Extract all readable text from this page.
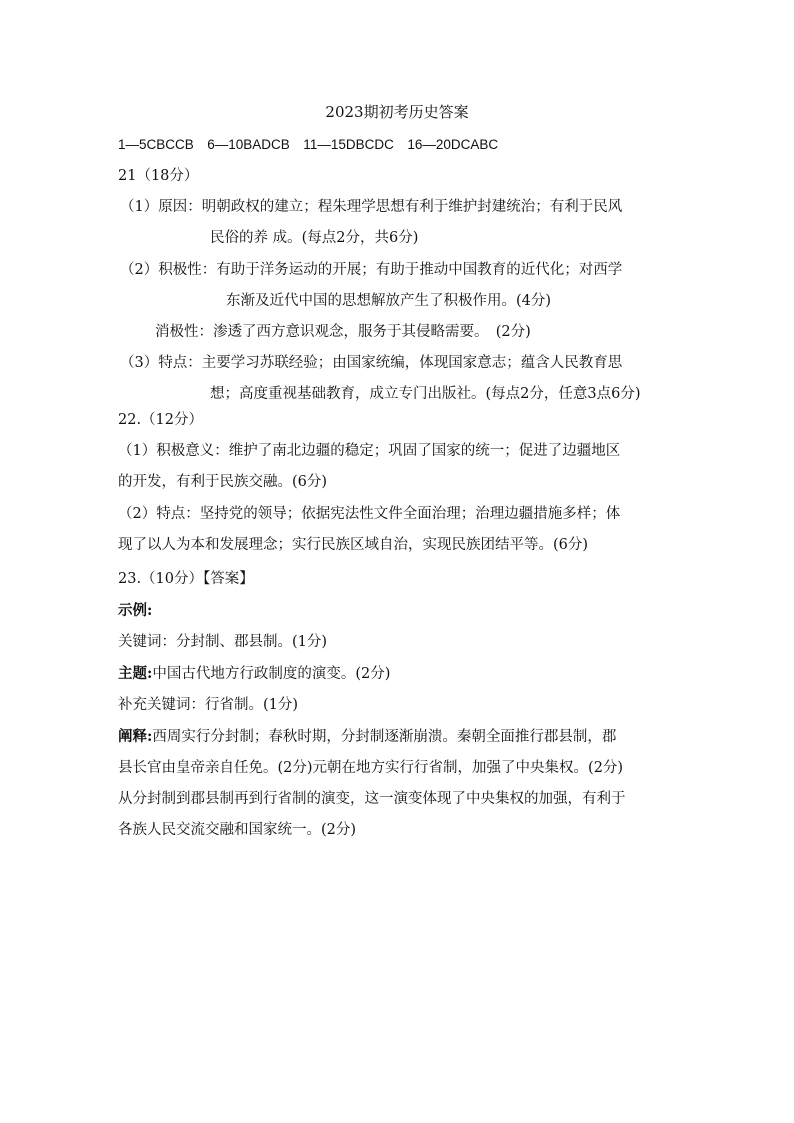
2023期初考历史答案
1—5CBCCB　6—10BADCB　11—15DBCDC　16—20DCABC
21（18分）
（1）原因：明朝政权的建立；程朱理学思想有利于维护封建统治；有利于民风
民俗的养 成。(每点2分，共6分)
（2）积极性：有助于洋务运动的开展；有助于推动中国教育的近代化；对西学
东渐及近代中国的思想解放产生了积极作用。(4分)
消极性：渗透了西方意识观念，服务于其侵略需要。　(2分)
（3）特点：主要学习苏联经验；由国家统编，体现国家意志；蕴含人民教育思
想；高度重视基础教育，成立专门出版社。(每点2分，任意3点6分)
22.（12分）
（1）积极意义：维护了南北边疆的稳定；巩固了国家的统一；促进了边疆地区
的开发，有利于民族交融。(6分)
（2）特点：坚持党的领导；依据宪法性文件全面治理；治理边疆措施多样；体
现了以人为本和发展理念；实行民族区域自治，实现民族团结平等。(6分)
23.（10分）【答案】
示例:
关键词：分封制、郡县制。(1分)
主题:中国古代地方行政制度的演变。(2分)
补充关键词：行省制。(1分)
阐释:西周实行分封制；春秋时期，分封制逐渐崩溃。秦朝全面推行郡县制，郡
县长官由皇帝亲自任免。(2分)元朝在地方实行行省制，加强了中央集权。(2分)
从分封制到郡县制再到行省制的演变，这一演变体现了中央集权的加强，有利于
各族人民交流交融和国家统一。(2分)
